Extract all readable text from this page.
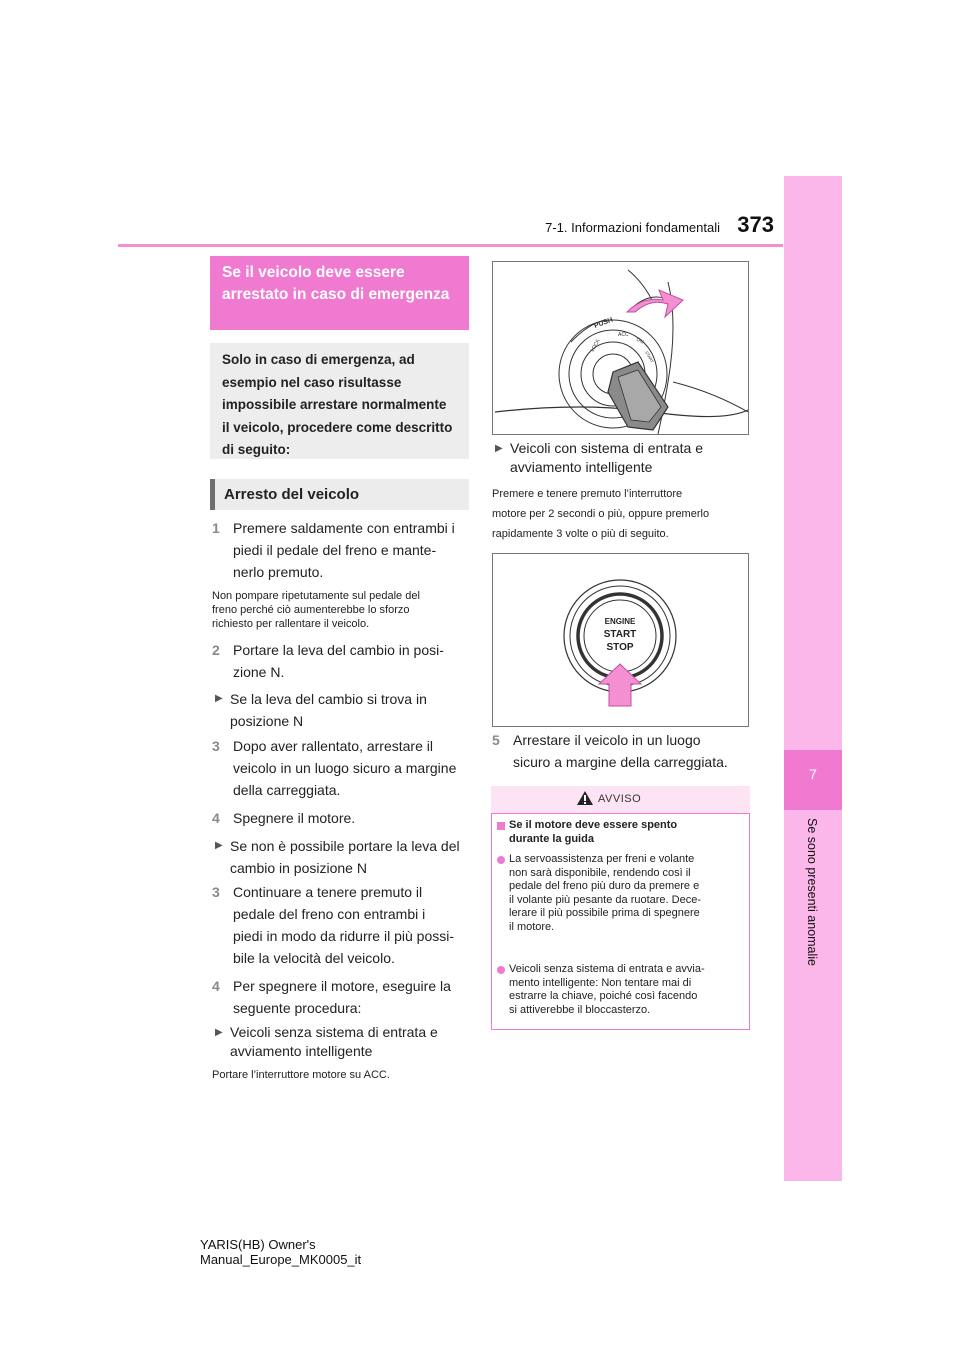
373
7-1. Informazioni fondamentali
7
Se sono presenti anomalie
Se il veicolo deve essere arrestato in caso di emergenza
Solo in caso di emergenza, ad esempio nel caso risultasse impossibile arrestare normalmente il veicolo, procedere come descritto di seguito:
Arresto del veicolo
1 Premere saldamente con entrambi i
piedi il pedale del freno e mante-
nerlo premuto.
Non pompare ripetutamente sul pedale del
freno perché ciò aumenterebbe lo sforzo
richiesto per rallentare il veicolo.
2 Portare la leva del cambio in posi-
zione N.
▶ Se la leva del cambio si trova in
posizione N
3 Dopo aver rallentato, arrestare il
veicolo in un luogo sicuro a margine
della carreggiata.
4 Spegnere il motore.
▶ Se non è possibile portare la leva del
cambio in posizione N
3 Continuare a tenere premuto il
pedale del freno con entrambi i
piedi in modo da ridurre il più possi-
bile la velocità del veicolo.
4 Per spegnere il motore, eseguire la
seguente procedura:
▶ Veicoli senza sistema di entrata e
avviamento intelligente
Portare l’interruttore motore su ACC.
PUSH
LOCK
ACC
ON
START
▶ Veicoli con sistema di entrata e
avviamento intelligente
Premere e tenere premuto l’interruttore
motore per 2 secondi o più, oppure premerlo
rapidamente 3 volte o più di seguito.
ENGINE
START
STOP
5 Arrestare il veicolo in un luogo
sicuro a margine della carreggiata.
AVVISO
Se il motore deve essere spento
durante la guida
La servoassistenza per freni e volante
non sarà disponibile, rendendo così il
pedale del freno più duro da premere e
il volante più pesante da ruotare. Dece-
lerare il più possibile prima di spegnere
il motore.
Veicoli senza sistema di entrata e avvia-
mento intelligente: Non tentare mai di
estrarre la chiave, poiché così facendo
si attiverebbe il bloccasterzo.
YARIS(HB) Owner's Manual_Europe_MK0005_it
